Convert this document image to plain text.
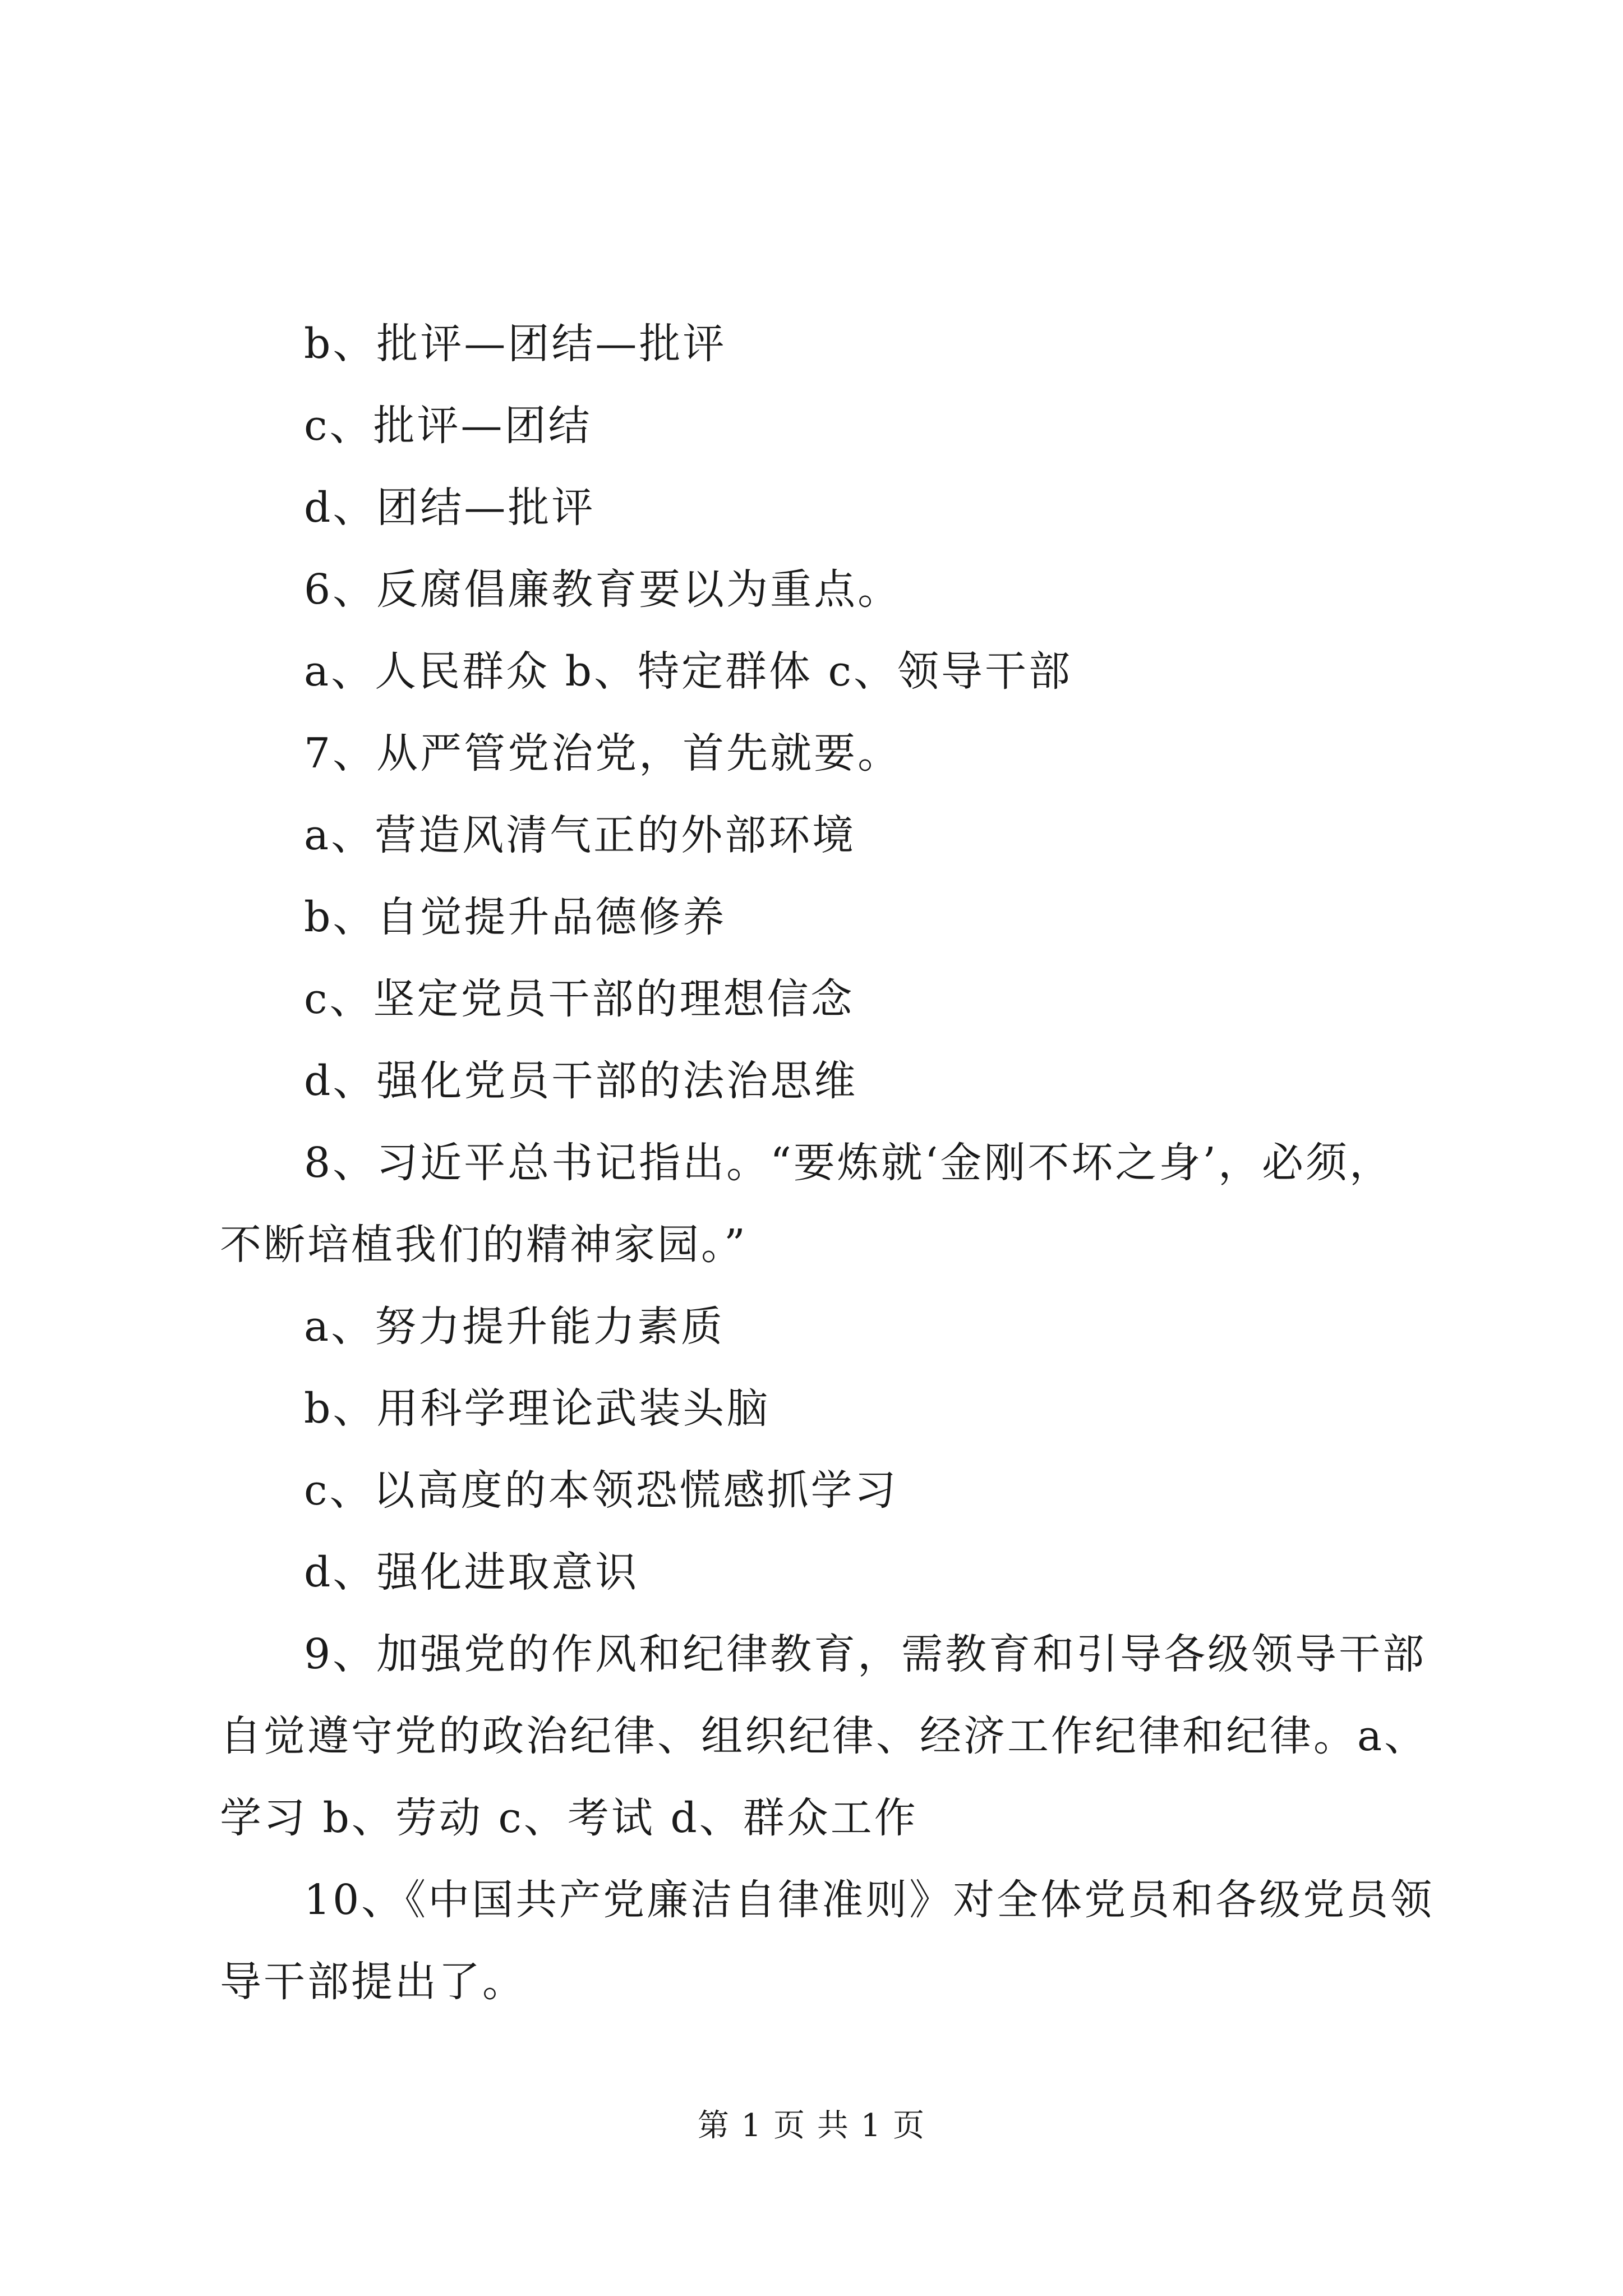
b、批评—团结—批评
c、批评—团结
d、团结—批评
6、反腐倡廉教育要以为重点。
a、人民群众 b、特定群体 c、领导干部
7、从严管党治党，首先就要。
a、营造风清气正的外部环境
b、自觉提升品德修养
c、坚定党员干部的理想信念
d、强化党员干部的法治思维
8、习近平总书记指出。“要炼就‘金刚不坏之身’，必须，
不断培植我们的精神家园。”
a、努力提升能力素质
b、用科学理论武装头脑
c、以高度的本领恐慌感抓学习
d、强化进取意识
9、加强党的作风和纪律教育，需教育和引导各级领导干部
自觉遵守党的政治纪律、组织纪律、经济工作纪律和纪律。a、
学习 b、劳动 c、考试 d、群众工作
10、《中国共产党廉洁自律准则》对全体党员和各级党员领
导干部提出了。
第 1 页 共 1 页
